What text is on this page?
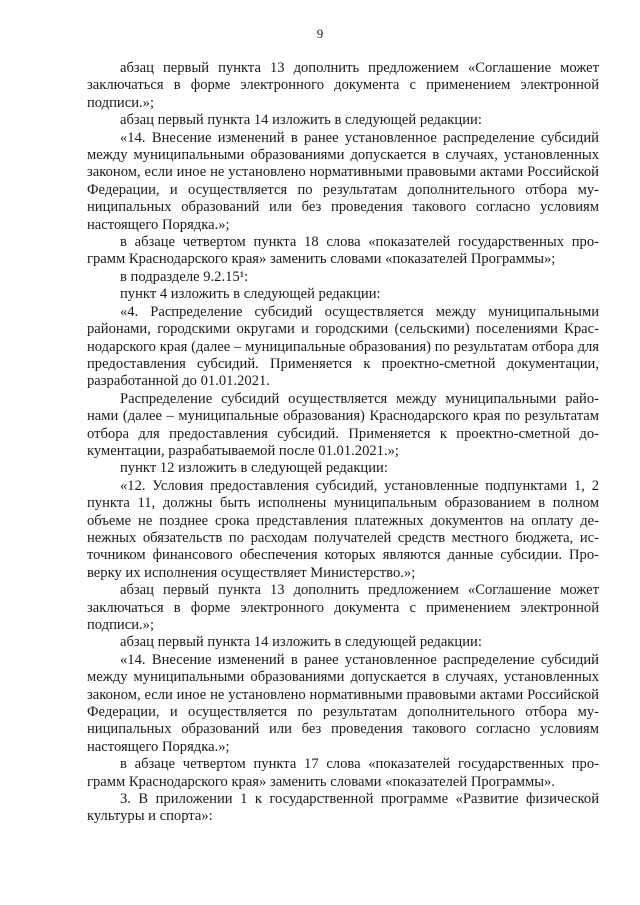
9

абзац первый пункта 13 дополнить предложением «Соглашение может заключаться в форме электронного документа с применением электронной подписи.»;

абзац первый пункта 14 изложить в следующей редакции:

«14. Внесение изменений в ранее установленное распределение субсидий между муниципальными образованиями допускается в случаях, установленных законом, если иное не установлено нормативными правовыми актами Российской Федерации, и осуществляется по результатам дополнительного отбора муниципальных образований или без проведения такового согласно условиям настоящего Порядка.»;

в абзаце четвертом пункта 18 слова «показателей государственных программ Краснодарского края» заменить словами «показателей Программы»;

в подразделе 9.2.15¹:

пункт 4 изложить в следующей редакции:

«4. Распределение субсидий осуществляется между муниципальными районами, городскими округами и городскими (сельскими) поселениями Краснодарского края (далее – муниципальные образования) по результатам отбора для предоставления субсидий. Применяется к проектно-сметной документации, разработанной до 01.01.2021.

Распределение субсидий осуществляется между муниципальными районами (далее – муниципальные образования) Краснодарского края по результатам отбора для предоставления субсидий. Применяется к проектно-сметной документации, разрабатываемой после 01.01.2021.»;

пункт 12 изложить в следующей редакции:

«12. Условия предоставления субсидий, установленные подпунктами 1, 2 пункта 11, должны быть исполнены муниципальным образованием в полном объеме не позднее срока представления платежных документов на оплату денежных обязательств по расходам получателей средств местного бюджета, источником финансового обеспечения которых являются данные субсидии. Проверку их исполнения осуществляет Министерство.»;

абзац первый пункта 13 дополнить предложением «Соглашение может заключаться в форме электронного документа с применением электронной подписи.»;

абзац первый пункта 14 изложить в следующей редакции:

«14. Внесение изменений в ранее установленное распределение субсидий между муниципальными образованиями допускается в случаях, установленных законом, если иное не установлено нормативными правовыми актами Российской Федерации, и осуществляется по результатам дополнительного отбора муниципальных образований или без проведения такового согласно условиям настоящего Порядка.»;

в абзаце четвертом пункта 17 слова «показателей государственных программ Краснодарского края» заменить словами «показателей Программы».

3. В приложении 1 к государственной программе «Развитие физической культуры и спорта»:
